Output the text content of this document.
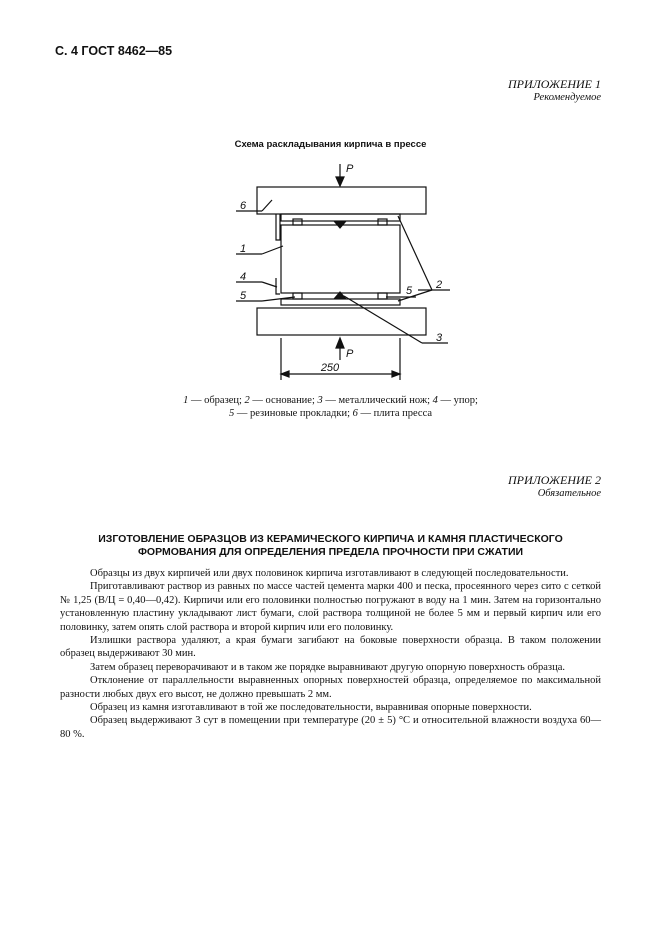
С. 4 ГОСТ 8462—85
ПРИЛОЖЕНИЕ 1
Рекомендуемое
Схема раскладывания кирпича в прессе
P
P
250
6
1
4
5	5 2
3
1 — образец; 2 — основание; 3 — металлический нож; 4 — упор;
5 — резиновые прокладки; 6 — плита пресса
ПРИЛОЖЕНИЕ 2
Обязательное
ИЗГОТОВЛЕНИЕ ОБРАЗЦОВ ИЗ КЕРАМИЧЕСКОГО КИРПИЧА И КАМНЯ ПЛАСТИЧЕСКОГО
ФОРМОВАНИЯ ДЛЯ ОПРЕДЕЛЕНИЯ ПРЕДЕЛА ПРОЧНОСТИ ПРИ СЖАТИИ

Образцы из двух кирпичей или двух половинок кирпича изготавливают в следующей последовательности.

Приготавливают раствор из равных по массе частей цемента марки 400 и песка, просеянного через сито с сеткой № 1,25 (В/Ц = 0,40—0,42). Кирпичи или его половинки полностью погружают в воду на 1 мин. Затем на горизонтально установленную пластину укладывают лист бумаги, слой раствора толщиной не более 5 мм и первый кирпич или его половинку, затем опять слой раствора и второй кирпич или его половинку.

Излишки раствора удаляют, а края бумаги загибают на боковые поверхности образца. В таком положении образец выдерживают 30 мин.

Затем образец переворачивают и в таком же порядке выравнивают другую опорную поверхность образца.

Отклонение от параллельности выравненных опорных поверхностей образца, определяемое по максимальной разности любых двух его высот, не должно превышать 2 мм.

Образец из камня изготавливают в той же последовательности, выравнивая опорные поверхности.

Образец выдерживают 3 сут в помещении при температуре (20 ± 5) °С и относительной влажности воздуха 60—80 %.
